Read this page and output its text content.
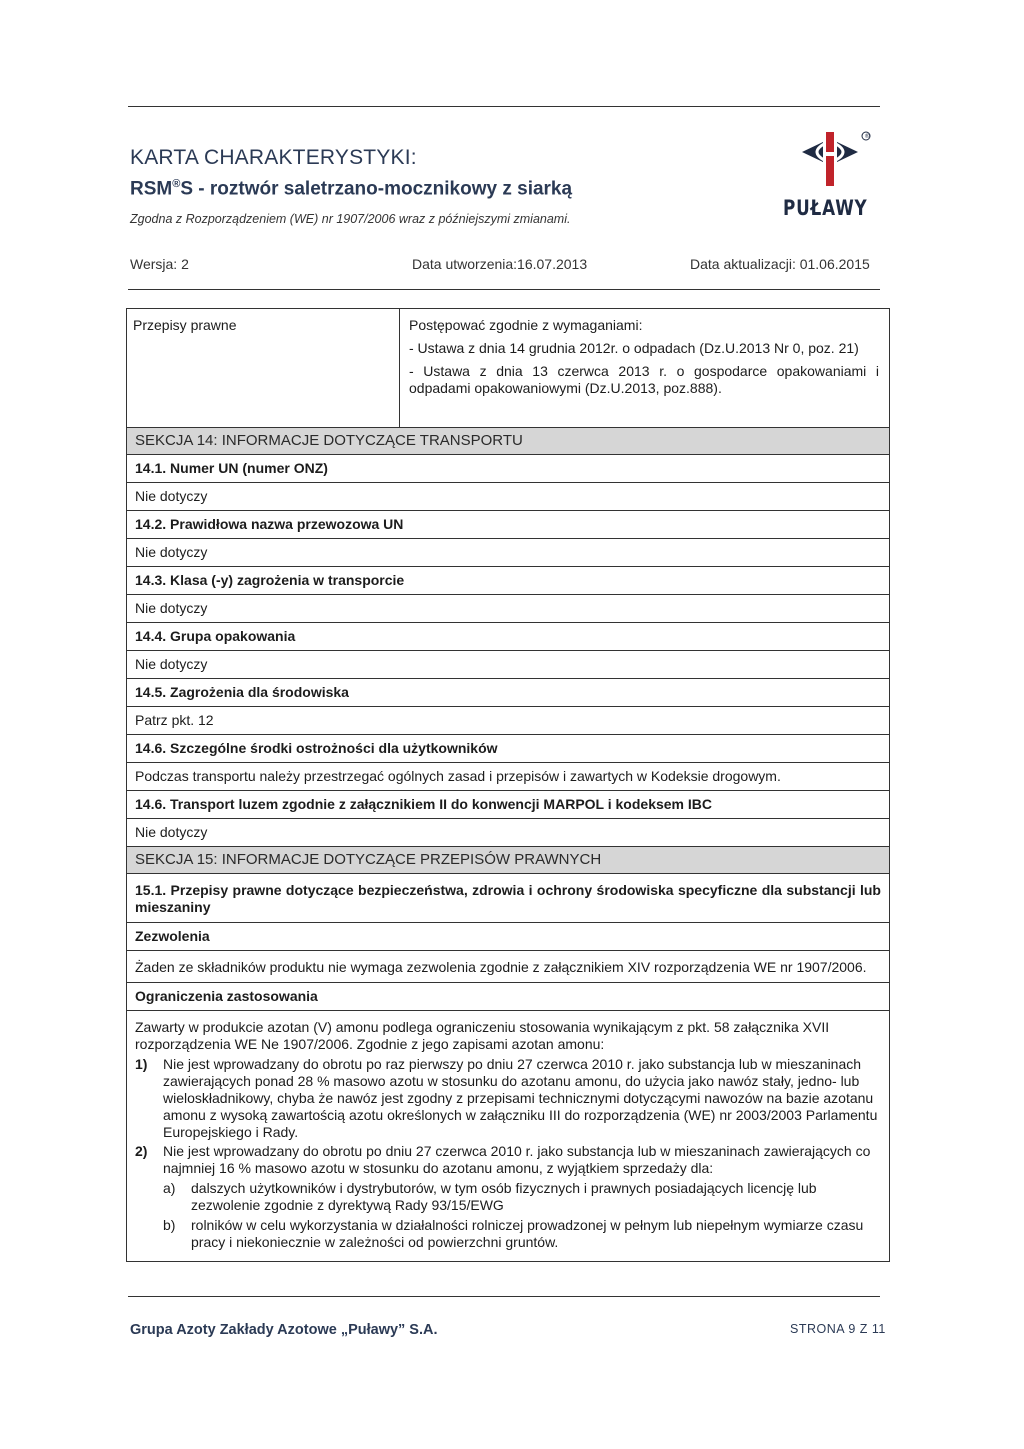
KARTA CHARAKTERYSTYKI:
RSM®S - roztwór saletrzano-mocznikowy z siarką
Zgodna z Rozporządzeniem (WE) nr 1907/2006 wraz z późniejszymi zmianami.
®
PUŁAWY
Wersja: 2	Data utworzenia:16.07.2013	Data aktualizacji: 01.06.2015
Przepisy prawne	Postępować zgodnie z wymaganiami:

- Ustawa z dnia 14 grudnia 2012r. o odpadach (Dz.U.2013 Nr 0, poz. 21)

- Ustawa z dnia 13 czerwca 2013 r. o gospodarce opakowaniami i odpadami opakowaniowymi (Dz.U.2013, poz.888).

SEKCJA 14: INFORMACJE DOTYCZĄCE TRANSPORTU
14.1. Numer UN (numer ONZ)
Nie dotyczy
14.2. Prawidłowa nazwa przewozowa UN
Nie dotyczy
14.3. Klasa (-y) zagrożenia w transporcie
Nie dotyczy
14.4. Grupa opakowania
Nie dotyczy
14.5. Zagrożenia dla środowiska
Patrz pkt. 12
14.6. Szczególne środki ostrożności dla użytkowników
Podczas transportu należy przestrzegać ogólnych zasad i przepisów i zawartych w Kodeksie drogowym.
14.6. Transport luzem zgodnie z załącznikiem II do konwencji MARPOL i kodeksem IBC
Nie dotyczy
SEKCJA 15: INFORMACJE DOTYCZĄCE PRZEPISÓW PRAWNYCH
15.1. Przepisy prawne dotyczące bezpieczeństwa, zdrowia i ochrony środowiska specyficzne dla substancji lub mieszaniny
Zezwolenia
Żaden ze składników produktu nie wymaga zezwolenia zgodnie z załącznikiem XIV rozporządzenia WE nr 1907/2006.
Ograniczenia zastosowania
Zawarty w produkcie azotan (V) amonu podlega ograniczeniu stosowania wynikającym z pkt. 58 załącznika XVII rozporządzenia WE Ne 1907/2006. Zgodnie z jego zapisami azotan amonu:
1)	Nie jest wprowadzany do obrotu po raz pierwszy po dniu 27 czerwca 2010 r. jako substancja lub w mieszaninach zawierających ponad 28 % masowo azotu w stosunku do azotanu amonu, do użycia jako nawóz stały, jedno- lub wieloskładnikowy, chyba że nawóz jest zgodny z przepisami technicznymi dotyczącymi nawozów na bazie azotanu amonu z wysoką zawartością azotu określonych w załączniku III do rozporządzenia (WE) nr 2003/2003 Parlamentu Europejskiego i Rady.
2)	Nie jest wprowadzany do obrotu po dniu 27 czerwca 2010 r. jako substancja lub w mieszaninach zawierających co najmniej 16 % masowo azotu w stosunku do azotanu amonu, z wyjątkiem sprzedaży dla:
a)	dalszych użytkowników i dystrybutorów, w tym osób fizycznych i prawnych posiadających licencję lub zezwolenie zgodnie z dyrektywą Rady 93/15/EWG
b)	rolników w celu wykorzystania w działalności rolniczej prowadzonej w pełnym lub niepełnym wymiarze czasu pracy i niekoniecznie w zależności od powierzchni gruntów.
Grupa Azoty Zakłady Azotowe „Puławy” S.A.	STRONA 9 Z 11
